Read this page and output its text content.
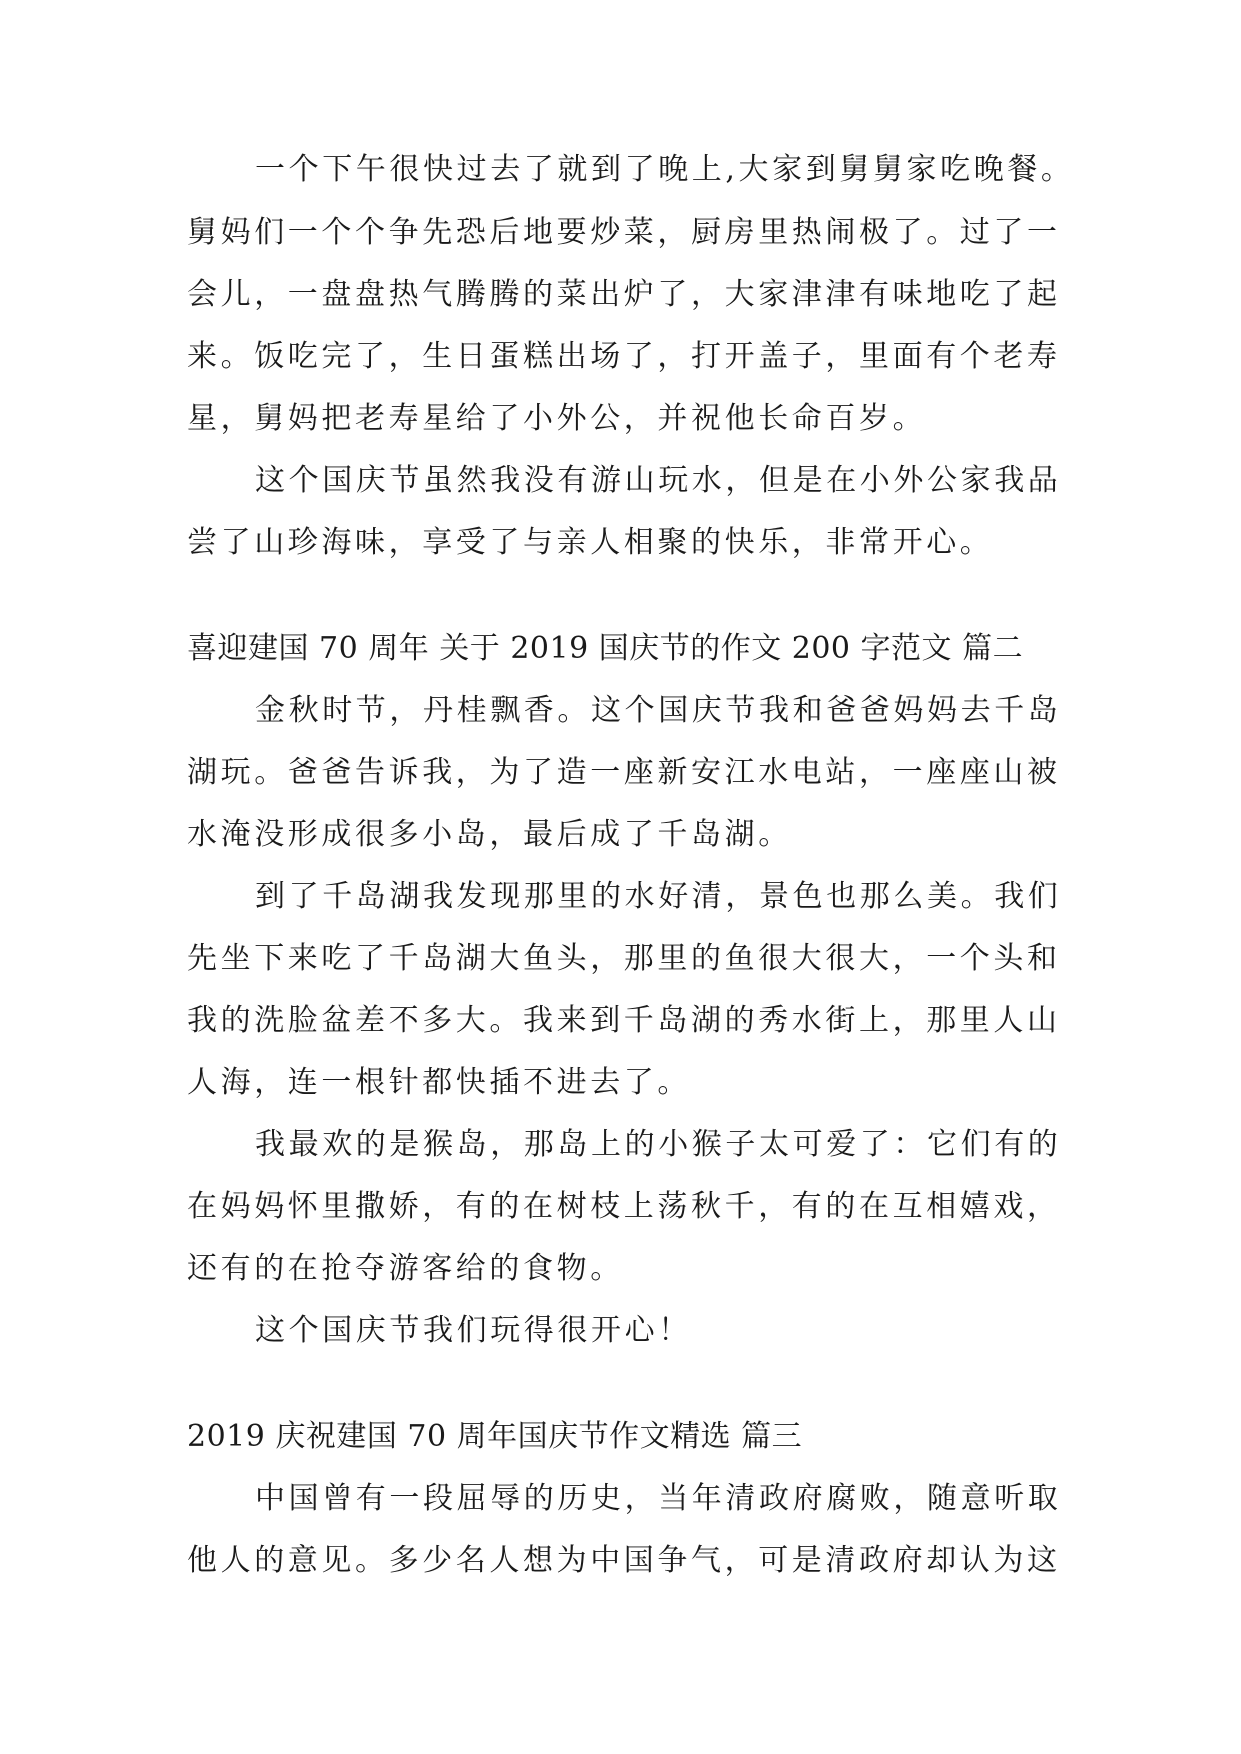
一个下午很快过去了就到了晚上,大家到舅舅家吃晚餐。
舅妈们一个个争先恐后地要炒菜，厨房里热闹极了。过了一
会儿，一盘盘热气腾腾的菜出炉了，大家津津有味地吃了起
来。饭吃完了，生日蛋糕出场了，打开盖子，里面有个老寿
星，舅妈把老寿星给了小外公，并祝他长命百岁。
这个国庆节虽然我没有游山玩水，但是在小外公家我品
尝了山珍海味，享受了与亲人相聚的快乐，非常开心。
喜迎建国 70 周年 关于 2019 国庆节的作文 200 字范文 篇二
金秋时节，丹桂飘香。这个国庆节我和爸爸妈妈去千岛
湖玩。爸爸告诉我，为了造一座新安江水电站，一座座山被
水淹没形成很多小岛，最后成了千岛湖。
到了千岛湖我发现那里的水好清，景色也那么美。我们
先坐下来吃了千岛湖大鱼头，那里的鱼很大很大，一个头和
我的洗脸盆差不多大。我来到千岛湖的秀水街上，那里人山
人海，连一根针都快插不进去了。
我最欢的是猴岛，那岛上的小猴子太可爱了：它们有的
在妈妈怀里撒娇，有的在树枝上荡秋千，有的在互相嬉戏，
还有的在抢夺游客给的食物。
这个国庆节我们玩得很开心！
2019 庆祝建国 70 周年国庆节作文精选 篇三
中国曾有一段屈辱的历史，当年清政府腐败，随意听取
他人的意见。多少名人想为中国争气，可是清政府却认为这
